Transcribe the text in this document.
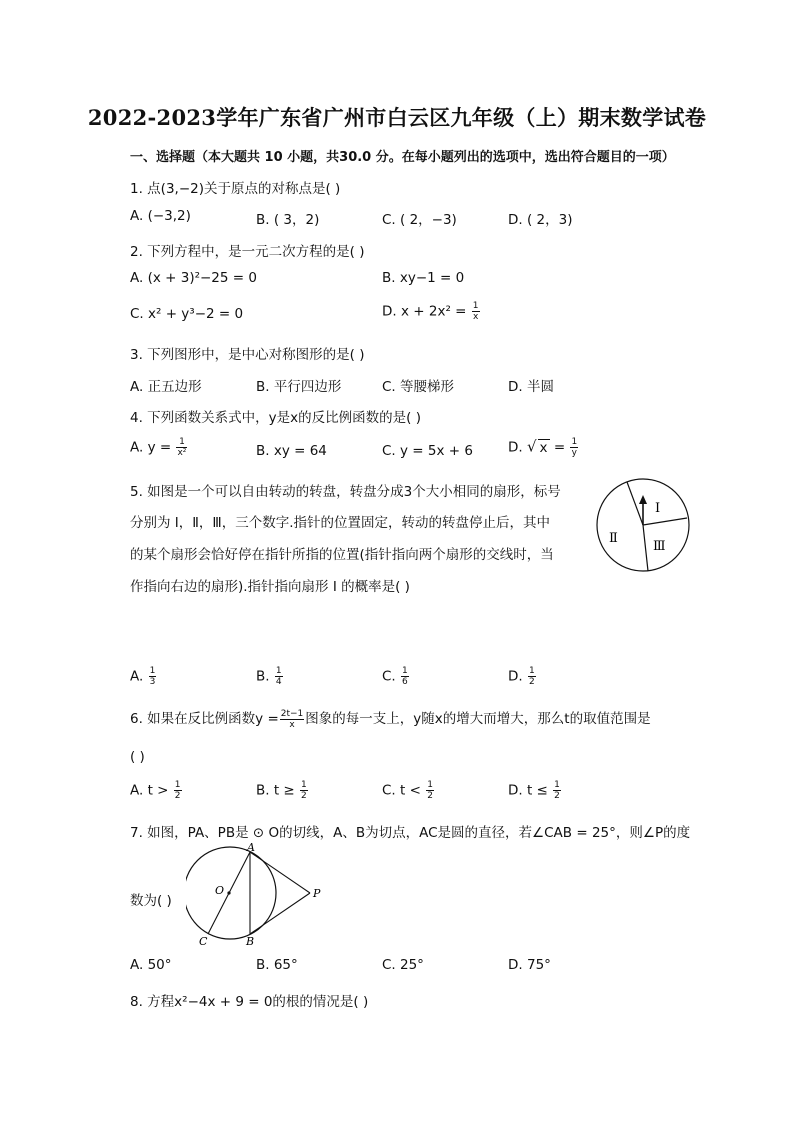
2022-2023学年广东省广州市白云区九年级（上）期末数学试卷
一、选择题（本大题共 10 小题，共30.0 分。在每小题列出的选项中，选出符合题目的一项）
1. 点(3,−2)关于原点的对称点是( )
A. (−3,2)	B. ( 3，2)	C. ( 2，−3)	D. ( 2，3)
2. 下列方程中，是一元二次方程的是( )
A. (x + 3)²−25 = 0	B. xy−1 = 0
C. x² + y³−2 = 0	D. $x + 2x^2 = \frac{1}{x}$
3. 下列图形中，是中心对称图形的是( )
A. 正五边形	B. 平行四边形	C. 等腰梯形	D. 半圆
4. 下列函数关系式中，y是x的反比例函数的是( )
A. $y = \frac{1}{\text{x²}}$	B. xy = 64	C. y = 5x + 6	D. √ $x = \frac{1}{y}$
5. 如图是一个可以自由转动的转盘，转盘分成3个大小相同的扇形，标号
分别为 Ⅰ，Ⅱ，Ⅲ，三个数字.指针的位置固定，转动的转盘停止后，其中
的某个扇形会恰好停在指针所指的位置(指针指向两个扇形的交线时，当
作指向右边的扇形).指针指向扇形 Ⅰ 的概率是( )
Ⅰ
Ⅱ
Ⅲ
A. $\frac{1}{3}$	B. $\frac{1}{4}$	C. $\frac{1}{6}$	D. $\frac{1}{2}$
6. 如果在反比例函数$y = \frac{2t-1}{x}$ 图象的每一支上，y随x的增大而增大，那么t的取值范围是
( )
A. $t > \frac{1}{2}$	B. $t \ge \frac{1}{2}$	C. $t < \frac{1}{2}$	D. $t \le \frac{1}{2}$
7. 如图，PA、PB是 ⊙ O的切线，A、B为切点，AC是圆的直径，若∠CAB = 25°，则∠P的度
数为( )
A
B
C
O	P
A. 50°	B. 65°	C. 25°	D. 75°
8. 方程x²−4x + 9 = 0的根的情况是( )
